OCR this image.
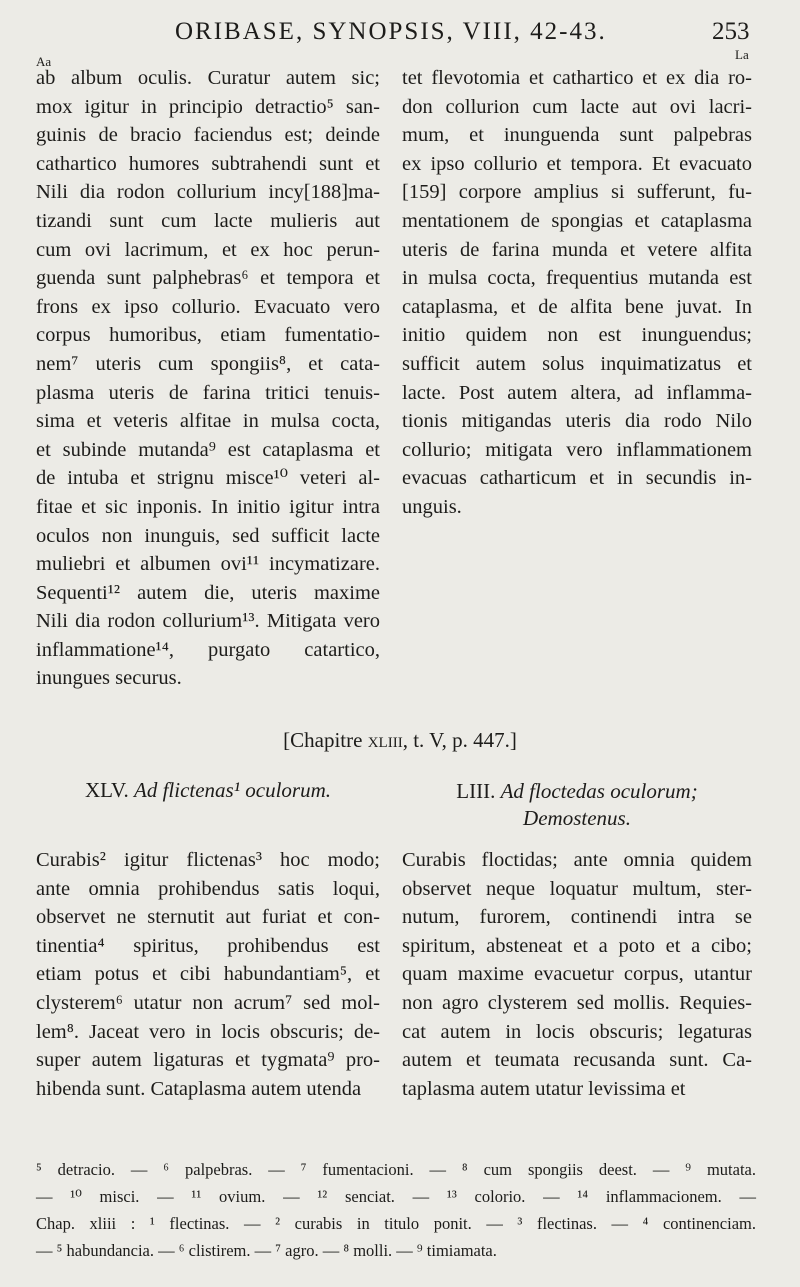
ORIBASE, SYNOPSIS, VIII, 42-43.	253
Aa	La
ab album oculis. Curatur autem sic;
mox igitur in principio detractio⁵ san-
guinis de bracio faciendus est; deinde
cathartico humores subtrahendi sunt et
Nili dia rodon collurium incy[188]ma-
tizandi sunt cum lacte mulieris aut
cum ovi lacrimum, et ex hoc perun-
guenda sunt palphebras⁶ et tempora et
frons ex ipso collurio. Evacuato vero
corpus humoribus, etiam fumentatio-
nem⁷ uteris cum spongiis⁸, et cata-
plasma uteris de farina tritici tenuis-
sima et veteris alfitae in mulsa cocta,
et subinde mutanda⁹ est cataplasma et
de intuba et strignu misce¹⁰ veteri al-
fitae et sic inponis. In initio igitur intra
oculos non inunguis, sed sufficit lacte
muliebri et albumen ovi¹¹ incymatizare.
Sequenti¹² autem die, uteris maxime
Nili dia rodon collurium¹³. Mitigata vero
inflammatione¹⁴, purgato catartico,
inungues securus.
tet flevotomia et cathartico et ex dia ro-
don collurion cum lacte aut ovi lacri-
mum, et inunguenda sunt palpebras
ex ipso collurio et tempora. Et evacuato
[159] corpore amplius si sufferunt, fu-
mentationem de spongias et cataplasma
uteris de farina munda et vetere alfita
in mulsa cocta, frequentius mutanda est
cataplasma, et de alfita bene juvat. In
initio quidem non est inunguendus;
sufficit autem solus inquimatizatus et
lacte. Post autem altera, ad inflamma-
tionis mitigandas uteris dia rodo Nilo
collurio; mitigata vero inflammationem
evacuas catharticum et in secundis in-
unguis.
[Chapitre xliii, t. V, p. 447.]
XLV. Ad flictenas¹ oculorum.	LIII. Ad floctedas oculorum;
Demostenus.
Curabis² igitur flictenas³ hoc modo;
ante omnia prohibendus satis loqui,
observet ne sternutit aut furiat et con-
tinentia⁴ spiritus, prohibendus est
etiam potus et cibi habundantiam⁵, et
clysterem⁶ utatur non acrum⁷ sed mol-
lem⁸. Jaceat vero in locis obscuris; de-
super autem ligaturas et tygmata⁹ pro-
hibenda sunt. Cataplasma autem utenda
Curabis floctidas; ante omnia quidem
observet neque loquatur multum, ster-
nutum, furorem, continendi intra se
spiritum, absteneat et a poto et a cibo;
quam maxime evacuetur corpus, utantur
non agro clysterem sed mollis. Requies-
cat autem in locis obscuris; legaturas
autem et teumata recusanda sunt. Ca-
taplasma autem utatur levissima et
⁵ detracio. — ⁶ palpebras. — ⁷ fumentacioni. — ⁸ cum spongiis deest. — ⁹ mutata.
— ¹⁰ misci. — ¹¹ ovium. — ¹² senciat. — ¹³ colorio. — ¹⁴ inflammacionem. —
Chap. xliii : ¹ flectinas. — ² curabis in titulo ponit. — ³ flectinas. — ⁴ continenciam.
— ⁵ habundancia. — ⁶ clistirem. — ⁷ agro. — ⁸ molli. — ⁹ timiamata.
